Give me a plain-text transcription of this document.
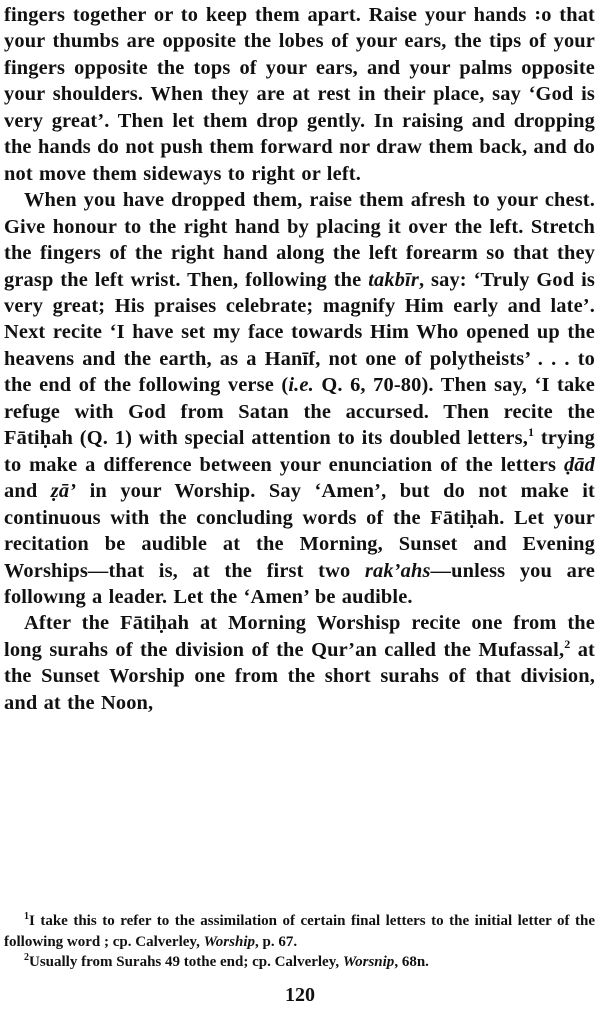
fingers together or to keep them apart. Raise your hands ꞉o that your thumbs are opposite the lobes of your ears, the tips of your fingers opposite the tops of your ears, and your palms opposite your shoulders. When they are at rest in their place, say ‘God is very great’. Then let them drop gently. In raising and dropping the hands do not push them forward nor draw them back, and do not move them sideways to right or left.

When you have dropped them, raise them afresh to your chest. Give honour to the right hand by placing it over the left. Stretch the fingers of the right hand along the left forearm so that they grasp the left wrist. Then, following the takbīr, say: ‘Truly God is very great; His praises celebrate; magnify Him early and late’. Next recite ‘I have set my face towards Him Who opened up the heavens and the earth, as a Hanīf, not one of polytheists’ . . . to the end of the following verse (i.e. Q. 6, 70-80). Then say, ‘I take refuge with God from Satan the accursed. Then recite the Fātiḥah (Q. 1) with special attention to its doubled letters,$^1$ trying to make a difference between your enunciation of the letters ḍād and ẓā’ in your Worship. Say ‘Amen’, but do not make it continuous with the concluding words of the Fātiḥah. Let your recitation be audible at the Morning, Sunset and Evening Worships—that is, at the first two rak’ahs—unless you are followıng a leader. Let the ‘Amen’ be audible.

After the Fātiḥah at Morning Worshisp recite one from the long surahs of the division of the Qur’an called the Mufassal,$^2$ at the Sunset Worship one from the short surahs of that division, and at the Noon,

$^1$I take this to refer to the assimilation of certain final letters to the initial letter of the following word ; cp. Calverley, Worship, p. 67.

$^2$Usually from Surahs 49 tothe end; cp. Calverley, Worsnip, 68n.

120
